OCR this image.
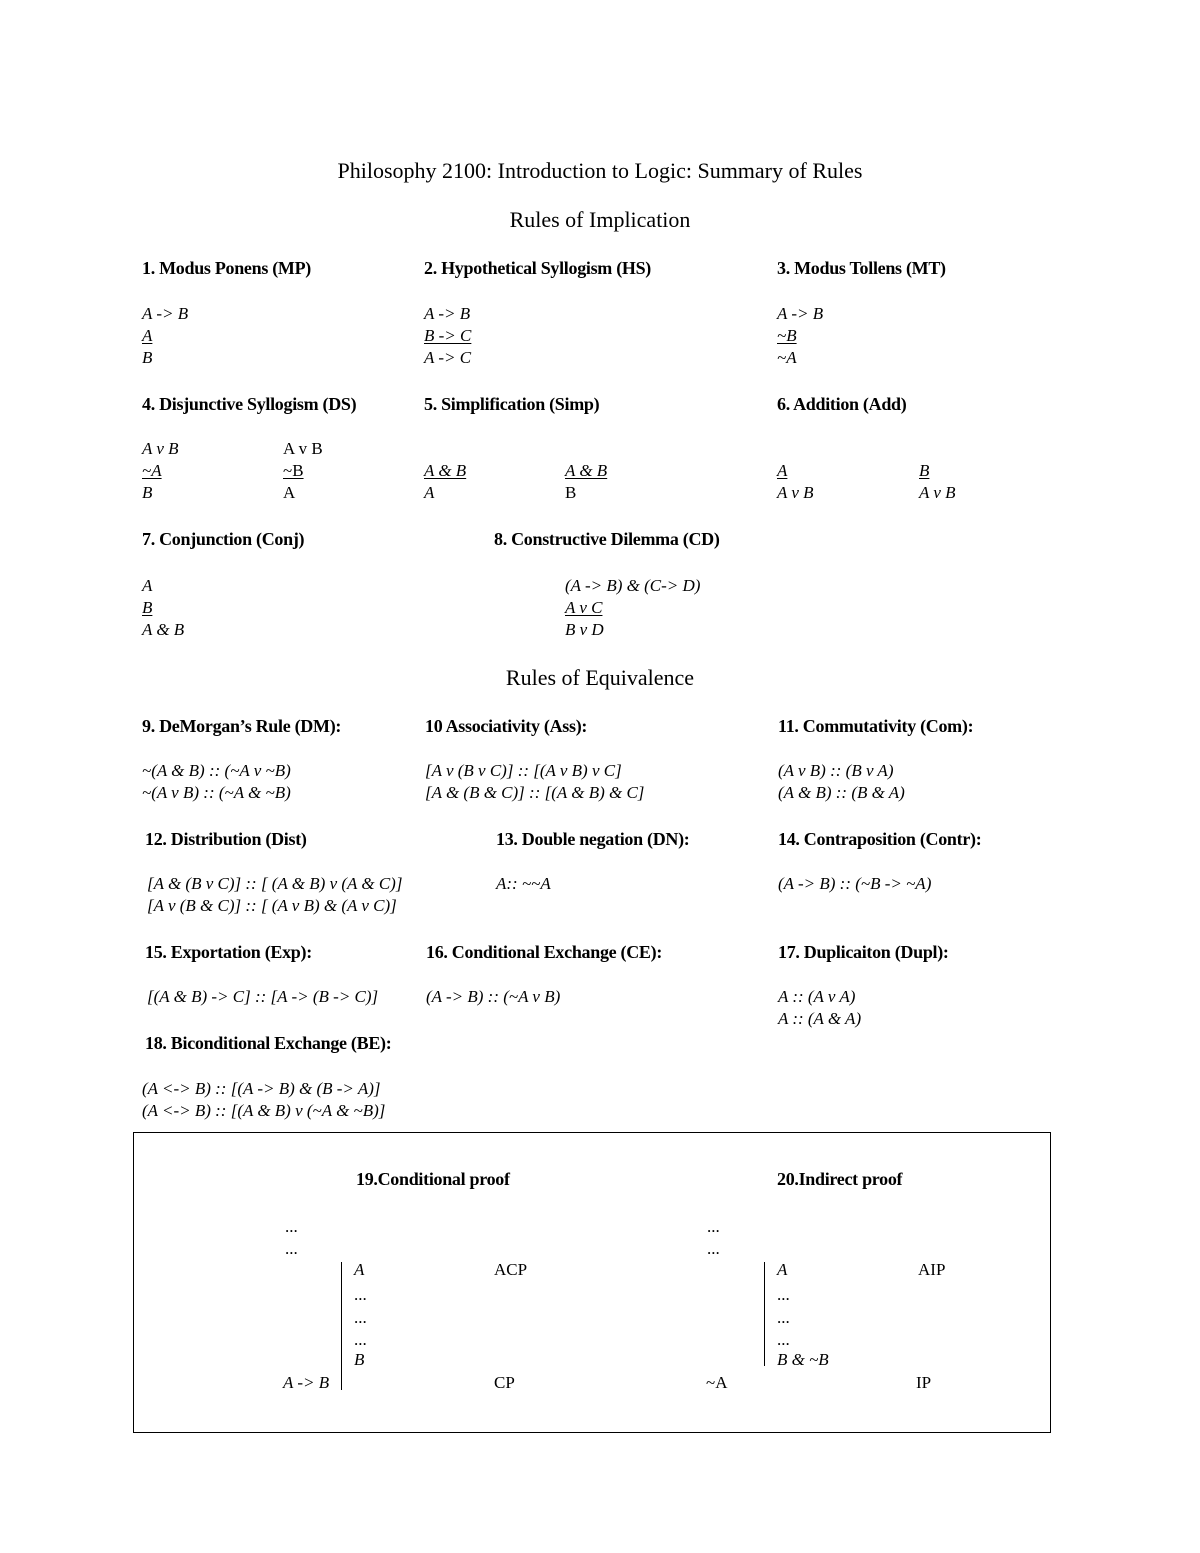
Philosophy 2100: Introduction to Logic: Summary of Rules
Rules of Implication
1. Modus Ponens (MP)
A -> B
A
B
2. Hypothetical Syllogism (HS)
A -> B
B -> C
A -> C
3. Modus Tollens (MT)
A -> B
~B
~A
4. Disjunctive Syllogism (DS)
A v B
~A
B
A v B
~B
A
5. Simplification (Simp)
A & B
A
A & B
B
6. Addition (Add)
A
A v B
B
A v B
7. Conjunction (Conj)
A
B
A & B
8. Constructive Dilemma (CD)
(A -> B) & (C-> D)
A v C
B v D
Rules of Equivalence
9. DeMorgan’s Rule (DM):
~(A & B) :: (~A v ~B)
~(A v B) :: (~A & ~B)
10 Associativity (Ass):
[A v (B v C)] :: [(A v B) v C]
[A & (B & C)] :: [(A & B) & C]
11. Commutativity (Com):
(A v B) :: (B v A)
(A & B) :: (B & A)
12. Distribution (Dist)
[A & (B v C)] :: [ (A & B) v (A & C)]
[A v (B & C)] :: [ (A v B) & (A v C)]
13. Double negation (DN):
A:: ~~A
14. Contraposition (Contr):
(A -> B) :: (~B -> ~A)
15. Exportation (Exp):
[(A & B) -> C] :: [A -> (B -> C)]
16. Conditional Exchange (CE):
(A -> B) :: (~A v B)
17. Duplicaiton (Dupl):
A :: (A v A)
A :: (A & A)
18. Biconditional Exchange (BE):
(A <-> B) :: [(A -> B) & (B -> A)]
(A <-> B) :: [(A & B) v (~A & ~B)]
19.Conditional proof
...
...
A	ACP
...
...
...
B
A -> B	CP
20.Indirect proof
...
...
A	AIP
...
...
...
B & ~B
~A	IP
